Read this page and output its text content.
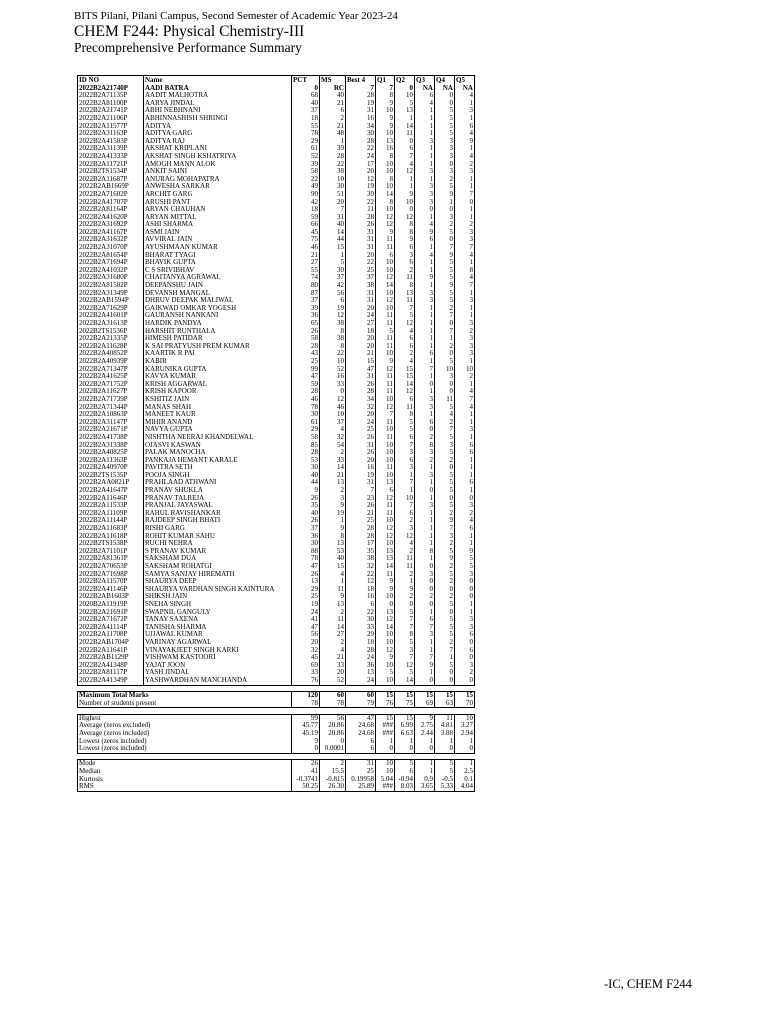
BITS Pilani, Pilani Campus, Second Semester of Academic Year 2023-24
CHEM F244: Physical Chemistry-III
Precomprehensive Performance Summary
ID NO	Name	PCT	MS	Best 4	Q1	Q2	Q3	Q4	Q5
2022B2A21740P	AADI BATRA	0	RC	7	7	0	NA	NA	NA
2022B2A71135P	AADIT MALHOTRA	68	40	28	8	10	6	0	4
2022B2A81100P	AARYA JINDAL	40	21	19	9	5	4	0	1
2022B2A21741P	ABHI NEBHNANI	37	6	31	10	13	1	5	3
2022B2A21106P	ABHINNASHISH SHRINGI	18	2	16	9	1	1	5	1
2022B2A11577P	ADITYA	55	21	34	9	14	1	5	6
2022B2A31163P	ADITYA GARG	78	48	30	10	11	1	5	4
2022B2A41583P	ADITYA RAJ	29	1	28	13	0	3	3	9
2022B2A31139P	AKSHAT KRIPLANI	61	39	22	16	6	1	3	1
2022B2A41333P	AKSHAT SINGH KSHATRIYA	52	28	24	8	7	1	3	4
2022B2A11721P	AMOGH MANN ALOK	39	22	17	10	4	1	0	2
2022B2TS1534P	ANKIT SAINI	58	38	20	10	12	3	3	3
2022B2A11687P	ANURAG MOHAPATRA	22	10	12	8	1	1	2	1
2022B2AB1669P	ANWESHA SARKAR	49	30	19	10	1	3	5	1
2022B2A71602P	ARCHIT GARG	90	51	39	14	9	3	9	7
2022B2A41707P	ARUSHI PANT	42	20	22	8	10	3	1	0
2022B2A81164P	ARYAN CHAUHAN	18	7	11	10	0	0	0	1
2022B2A41620P	ARYAN MITTAL	59	31	28	12	12	1	3	1
2022B2A31692P	ASHI SHARMA	66	40	26	12	8	4	2	2
2022B2A41167P	ASMI JAIN	45	14	31	9	8	9	5	3
2022B2A31632P	AVVIRAL JAIN	75	44	31	11	9	6	0	3
2022B2A31070P	AYUSHMAAN KUMAR	46	15	31	11	6	1	7	7
2022B2A81654P	BHARAT TYAGI	21	1	20	6	3	4	9	4
2022B2A71694P	BHAVIK GUPTA	27	5	22	10	6	1	5	1
2022B2A41032P	C S SRIVIBHAV	55	30	25	10	2	1	5	8
2022B2A31680P	CHAITANYA AGRAWAL	74	37	37	12	11	9	5	4
2022B2A81582P	DEEPANSHU JAIN	80	42	38	14	8	1	9	7
2022B2A31349P	DEVANSH MANGAL	87	56	31	10	13	3	5	1
2022B2AB1594P	DHRUV DEEPAK MALIWAL	37	6	31	12	11	3	5	3
2022B2A71629P	GAIKWAD OMKAR YOGESH	39	19	20	10	7	1	2	1
2022B2A41601P	GAURANSH NANKANI	36	12	24	11	5	1	7	1
2022B2A31613P	HARDIK PANDYA	65	38	27	11	12	1	0	3
2022B2TS1536P	HARSHIT RUNTHALA	26	8	18	5	4	1	7	2
2022B2A21335P	HIMESH PATIDAR	58	38	20	11	6	1	1	3
2022B2A11628P	K SAI PRATYUSH PREM KUMAR	28	8	20	11	6	1	2	3
2022B2A40852P	KAARTIK R PAI	43	22	21	10	2	6	0	3
2022B2A40939P	KABIR	25	10	15	9	4	1	5	1
2022B2A71347P	KARUNIKA GUPTA	99	52	47	12	15	7	10	10
2022B2A41625P	KAVYA KUMAR	47	16	31	11	15	1	3	2
2022B2A71752P	KRISH AGGARWAL	59	33	26	11	14	0	0	1
2022B2A11627P	KRISH KAPOOR	28	0	28	11	12	1	0	4
2022B2A71739P	KSHITIZ JAIN	46	12	34	10	6	3	11	7
2022B2A71344P	MANAS SHAH	78	46	32	12	11	3	5	4
2022B2A10863P	MANEET KAUR	30	10	20	7	8	1	4	1
2022B2A31147P	MIHIR ANAND	61	37	24	11	5	6	2	1
2022B2A21671P	NAVYA GUPTA	29	4	25	10	5	0	7	3
2022B2A41738P	NISHTHA NEERAJ KHANDELWAL	58	32	26	11	6	2	5	1
2022B2A31338P	OJASVI KASWAN	85	54	31	10	7	8	3	6
2022B2A40825P	PALAK MANOCHA	28	2	26	10	3	3	5	6
2022B2A11363P	PANKAJA HEMANT KARALE	53	33	20	10	6	2	2	1
2022B2A40970P	PAVITRA SETH	30	14	16	11	3	1	0	1
2022B2TS1535P	POOJA SINGH	40	21	19	10	1	3	5	1
2022B2AA0821P	PRAHLAAD ATHWANI	44	13	31	13	7	1	5	6
2022B2A41647P	PRANAV SHUKLA	9	2	7	6	1	0	5	1
2022B2A11646P	PRANAV TALREJA	26	3	23	12	10	1	0	0
2022B2A11533P	PRANJAL JAYASWAL	35	9	26	11	7	3	5	3
2022B2A11109P	RAHUL RAVISHANKAR	40	19	21	11	6	1	2	2
2022B2A11144P	RAJDEEP SINGH BHATI	26	1	25	10	2	1	9	4
2022B2A11683P	RISHI GARG	37	9	28	12	3	1	7	6
2022B2A11618P	ROHIT KUMAR SAHU	36	8	28	12	12	1	3	1
2022B2TS1538P	RUCHI NEHRA	30	13	17	10	4	1	2	1
2022B2A71101P	S PRANAV KUMAR	88	53	35	13	2	8	5	9
2022B2A81361P	SAKSHAM DUA	78	40	38	13	11	1	9	5
2022B2A70653P	SAKSHAM ROHATGI	47	15	32	14	11	0	2	5
2022B2A71698P	SAMYA SANJAY HIREMATH	26	4	22	11	2	3	5	3
2022B2A11570P	SHAURYA DEEP	13	1	12	9	1	0	2	0
2022B2A41146P	SHAURYA VARDHAN SINGH KAINTURA	29	11	18	9	9	0	0	0
2022B2AB1603P	SHIKSH JAIN	25	9	16	10	2	2	2	0
2020B2A11919P	SNEHA SINGH	19	13	6	0	0	0	5	1
2022B2A21691P	SWAPNIL GANGULY	24	2	22	13	5	1	0	1
2022B2A71672P	TANAY SAXENA	41	11	30	12	7	6	5	3
2022B2A41114P	TANISHA SHARMA	47	14	33	14	7	7	5	3
2022B2A11708P	UJJAWAL KUMAR	56	27	29	10	8	3	5	6
2022B2AB1704P	VARINAY AGARWAL	20	2	18	10	5	1	2	0
2022B2A11641P	VINAYAKJEET SINGH KARKI	32	4	28	12	3	1	7	6
2022B2AB1129P	VISHWAM KASTOORI	45	21	24	9	7	7	1	0
2022B2A41348P	YAJAT JOON	69	33	36	10	12	9	5	3
2022B2A81117P	YASH JINDAL	33	20	13	5	5	1	0	2
2022B2A41349P	YASHWARDHAN MANCHANDA	76	52	24	10	14	0	0	0

Maximum Total Marks		120	60	60	15	15	15	15	15
Number of students present		78	78	79	76	75	69	63	70

Highest		99	56	47	15	15	9	11	10
Average (zeros excluded)		45.77	20.86	24.68	###	6.99	2.75	4.81	3.27
Average (zeros included)		45.19	20.86	24.68	###	6.63	2.44	3.88	2.94
Lowest (zeros included)		9	0	6	1	1	1	1	1
Lowest (zeros included)		0	0.0001	6	0	0	0	0	0

Mode		26	2	31	10	5	1	5	1
Median		41	15.5	25	10	6	1	5	2.5
Kurtosis		-0.3741	-0.815	0.19958	5.04	-0.94	0.9	-0.5	0.1
RMS		50.25	26.30	25.89	###	8.03	3.65	5.33	4.04
-IC, CHEM F244
